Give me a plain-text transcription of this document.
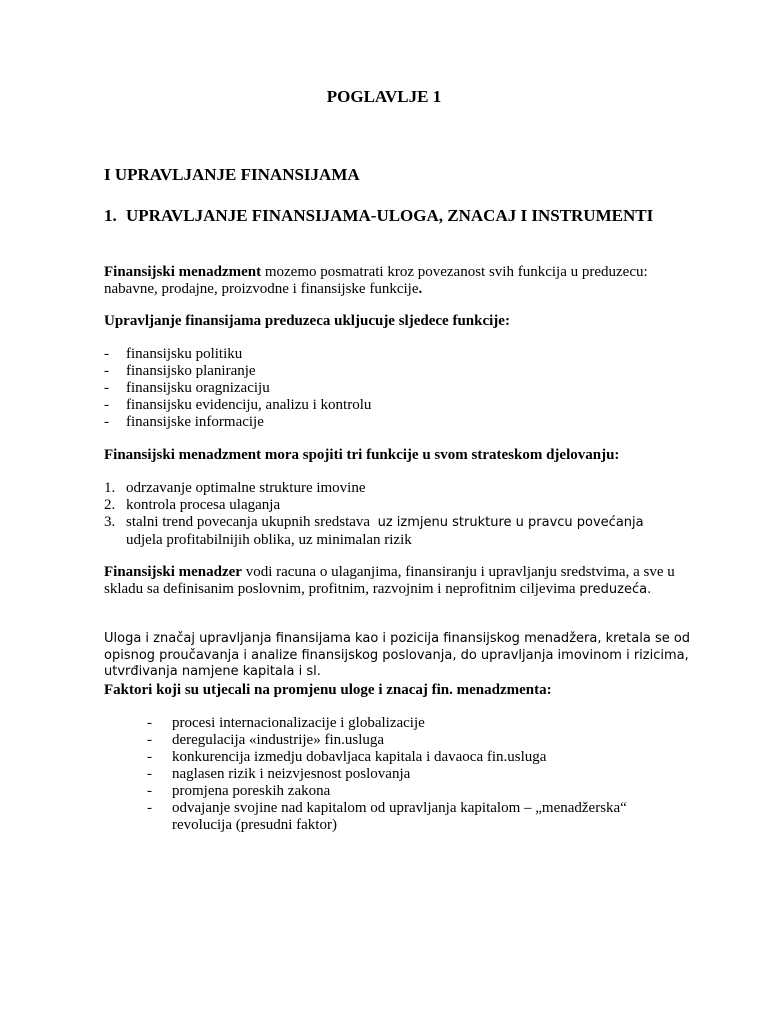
POGLAVLJE 1
I UPRAVLJANJE FINANSIJAMA
1. UPRAVLJANJE FINANSIJAMA-ULOGA, ZNACAJ I INSTRUMENTI

Finansijski menadzment mozemo posmatrati kroz povezanost svih funkcija u preduzecu: nabavne, prodajne, proizvodne i finansijske funkcije.

Upravljanje finansijama preduzeca ukljucuje sljedece funkcije:

-	finansijsku politiku
-	finansijsko planiranje
-	finansijsku oragnizaciju
-	finansijsku evidenciju, analizu i kontrolu
-	finansijske informacije

Finansijski menadzment mora spojiti tri funkcije u svom strateskom djelovanju:

1. odrzavanje optimalne strukture imovine
2. kontrola procesa ulaganja
3. stalni trend povecanja ukupnih sredstava  uz izmjenu strukture u pravcu povećanja
udjela profitabilnijih oblika, uz minimalan rizik

Finansijski menadzer vodi racuna o ulaganjima, finansiranju i upravljanju sredstvima, a sve u skladu sa definisanim poslovnim, profitnim, razvojnim i neprofitnim ciljevima preduzeća.

Uloga i značaj upravljanja finansijama kao i pozicija finansijskog menadžera, kretala se od opisnog proučavanja i analize finansijskog poslovanja, do upravljanja imovinom i rizicima, utvrđivanja namjene kapitala i sl.

Faktori koji su utjecali na promjenu uloge i znacaj fin. menadzmenta:

-	procesi internacionalizacije i globalizacije
-	deregulacija «industrije» fin.usluga
-	konkurencija izmedju dobavljaca kapitala i davaoca fin.usluga
-	naglasen rizik i neizvjesnost poslovanja
-	promjena poreskih zakona
-	odvajanje svojine nad kapitalom od upravljanja kapitalom – „menadžerska“ revolucija (presudni faktor)
